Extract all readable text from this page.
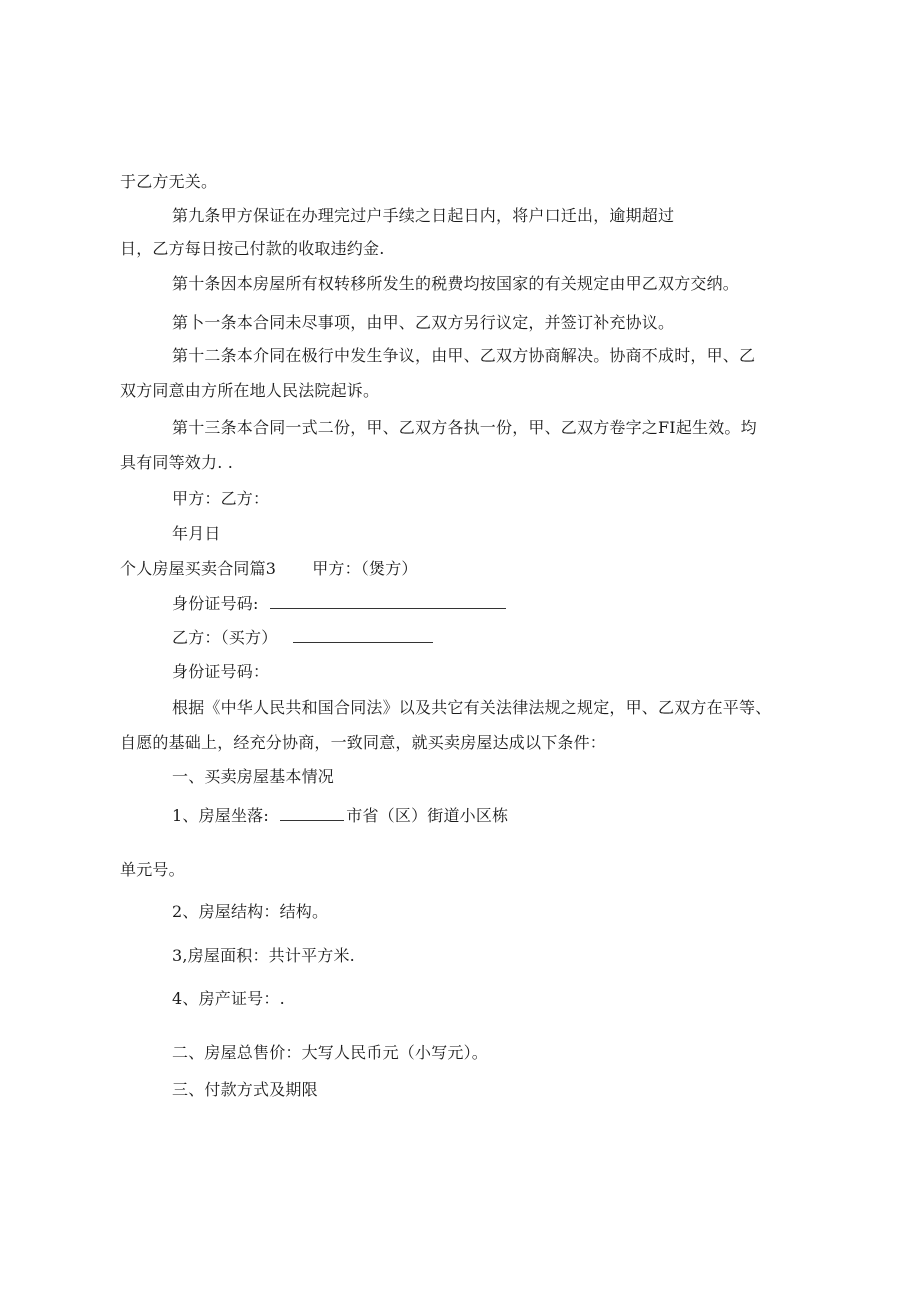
于乙方无关。
第九条甲方保证在办理完过户手续之日起日内，将户口迁出，逾期超过
日，乙方每日按己付款的收取违约金.
第十条因本房屋所有权转移所发生的税费均按国家的有关规定由甲乙双方交纳。
第卜一条本合同未尽事项，由甲、乙双方另行议定，并签订补充协议。
第十二条本介同在极行中发生争议，由甲、乙双方协商解决。协商不成时，甲、乙
双方同意由方所在地人民法院起诉。
第十三条本合同一式二份，甲、乙双方各执一份，甲、乙双方卷字之FI起生效。均
具有同等效力. .
甲方：乙方：
年月日
个人房屋买卖合同篇3 甲方：（煲方）
身份证号码:
乙方：（买方）
身份证号码：
根据《中华人民共和国合同法》以及共它有关法律法规之规定，甲、乙双方在平等、
自愿的基础上，经充分协商，一致同意，就买卖房屋达成以下条件：
一、买卖房屋基本情况
1、房屋坐落:	市省（区）街道小区栋
单元号。
2、房屋结构：结构。
3,房屋面积：共计平方米.
4、房产证号：.
二、房屋总售价：大写人民币元（小写元）。
三、付款方式及期限
